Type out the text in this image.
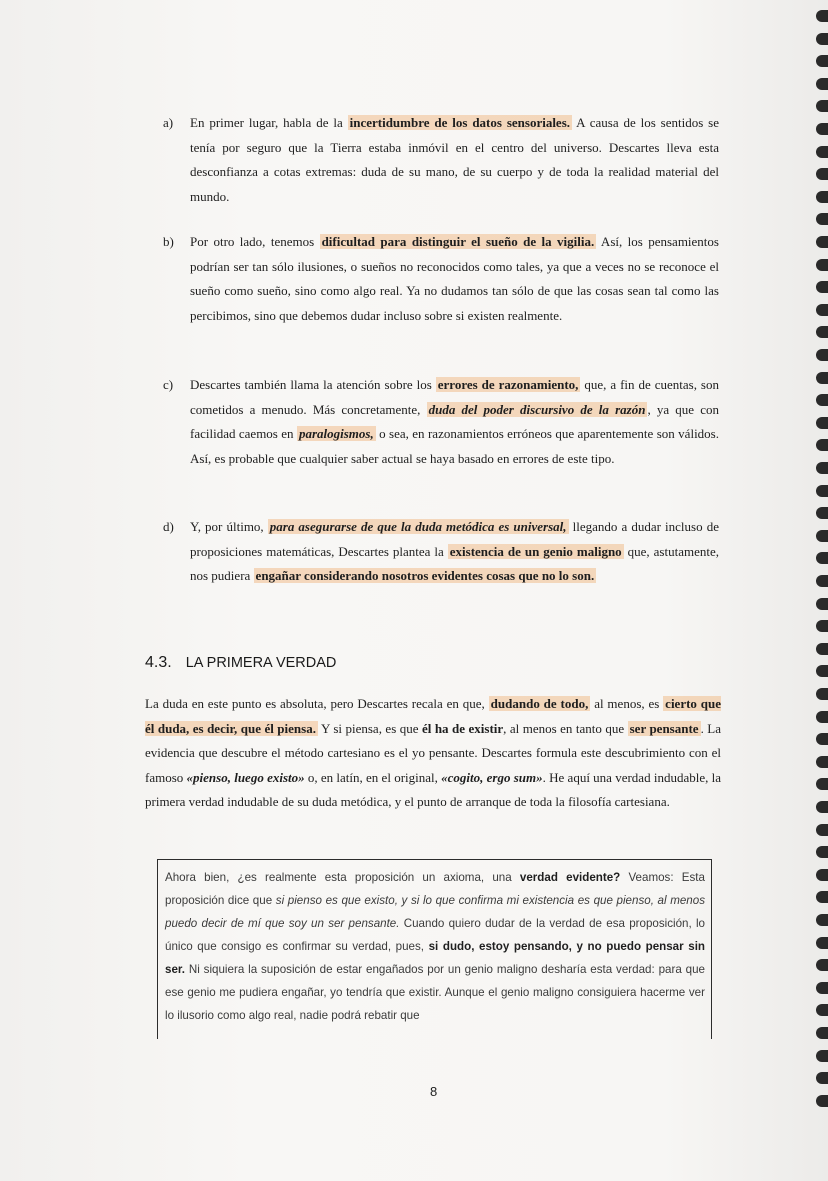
a) En primer lugar, habla de la incertidumbre de los datos sensoriales. A causa de los sentidos se tenía por seguro que la Tierra estaba inmóvil en el centro del universo. Descartes lleva esta desconfianza a cotas extremas: duda de su mano, de su cuerpo y de toda la realidad material del mundo.
b) Por otro lado, tenemos dificultad para distinguir el sueño de la vigilia. Así, los pensamientos podrían ser tan sólo ilusiones, o sueños no reconocidos como tales, ya que a veces no se reconoce el sueño como sueño, sino como algo real. Ya no dudamos tan sólo de que las cosas sean tal como las percibimos, sino que debemos dudar incluso sobre si existen realmente.
c) Descartes también llama la atención sobre los errores de razonamiento, que, a fin de cuentas, son cometidos a menudo. Más concretamente, duda del poder discursivo de la razón , ya que con facilidad caemos en paralogismos, o sea, en razonamientos erróneos que aparentemente son válidos. Así, es probable que cualquier saber actual se haya basado en errores de este tipo.
d) Y, por último, para asegurarse de que la duda metódica es universal, llegando a dudar incluso de proposiciones matemáticas, Descartes plantea la existencia de un genio maligno que, astutamente, nos pudiera engañar considerando nosotros evidentes cosas que no lo son.
4.3. LA PRIMERA VERDAD
La duda en este punto es absoluta, pero Descartes recala en que, dudando de todo, al menos, es cierto que él duda, es decir, que él piensa. Y si piensa, es que él ha de existir, al menos en tanto que ser pensante . La evidencia que descubre el método cartesiano es el yo pensante. Descartes formula este descubrimiento con el famoso «pienso, luego existo» o, en latín, en el original, «cogito, ergo sum». He aquí una verdad indudable, la primera verdad indudable de su duda metódica, y el punto de arranque de toda la filosofía cartesiana.
Ahora bien, ¿es realmente esta proposición un axioma, una verdad evidente? Veamos: Esta proposición dice que si pienso es que existo, y si lo que confirma mi existencia es que pienso, al menos puedo decir de mí que soy un ser pensante. Cuando quiero dudar de la verdad de esa proposición, lo único que consigo es confirmar su verdad, pues, si dudo, estoy pensando, y no puedo pensar sin ser. Ni siquiera la suposición de estar engañados por un genio maligno desharía esta verdad: para que ese genio me pudiera engañar, yo tendría que existir. Aunque el genio maligno consiguiera hacerme ver lo ilusorio como algo real, nadie podrá rebatir que
8
